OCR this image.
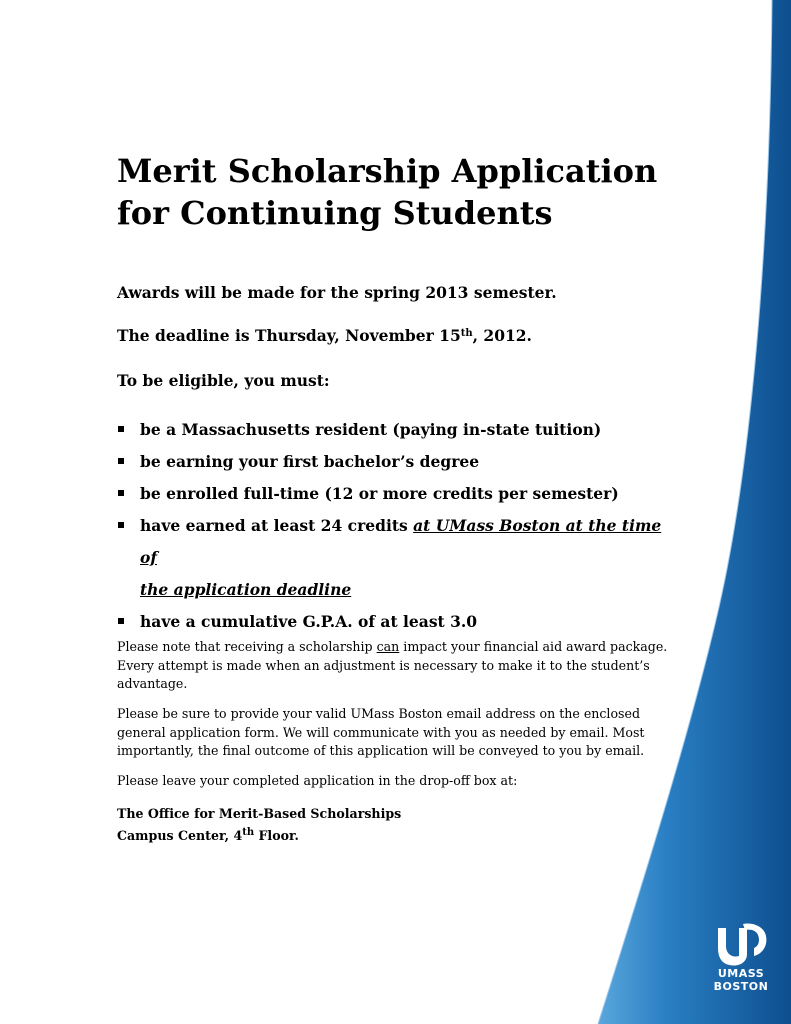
Merit Scholarship Application
for Continuing Students

Awards will be made for the spring 2013 semester.

The deadline is Thursday, November 15th, 2012.

To be eligible, you must:

be a Massachusetts resident (paying in-state tuition)
be earning your first bachelor’s degree
be enrolled full-time (12 or more credits per semester)
have earned at least 24 credits at UMass Boston at the time of
the application deadline
have a cumulative G.P.A. of at least 3.0

Please note that receiving a scholarship can impact your financial aid award package. Every attempt is made when an adjustment is necessary to make it to the student’s advantage.

Please be sure to provide your valid UMass Boston email address on the enclosed general application form. We will communicate with you as needed by email. Most importantly, the final outcome of this application will be conveyed to you by email.

Please leave your completed application in the drop-off box at:

The Office for Merit-Based Scholarships
Campus Center, 4th Floor.

UMASS
BOSTON
